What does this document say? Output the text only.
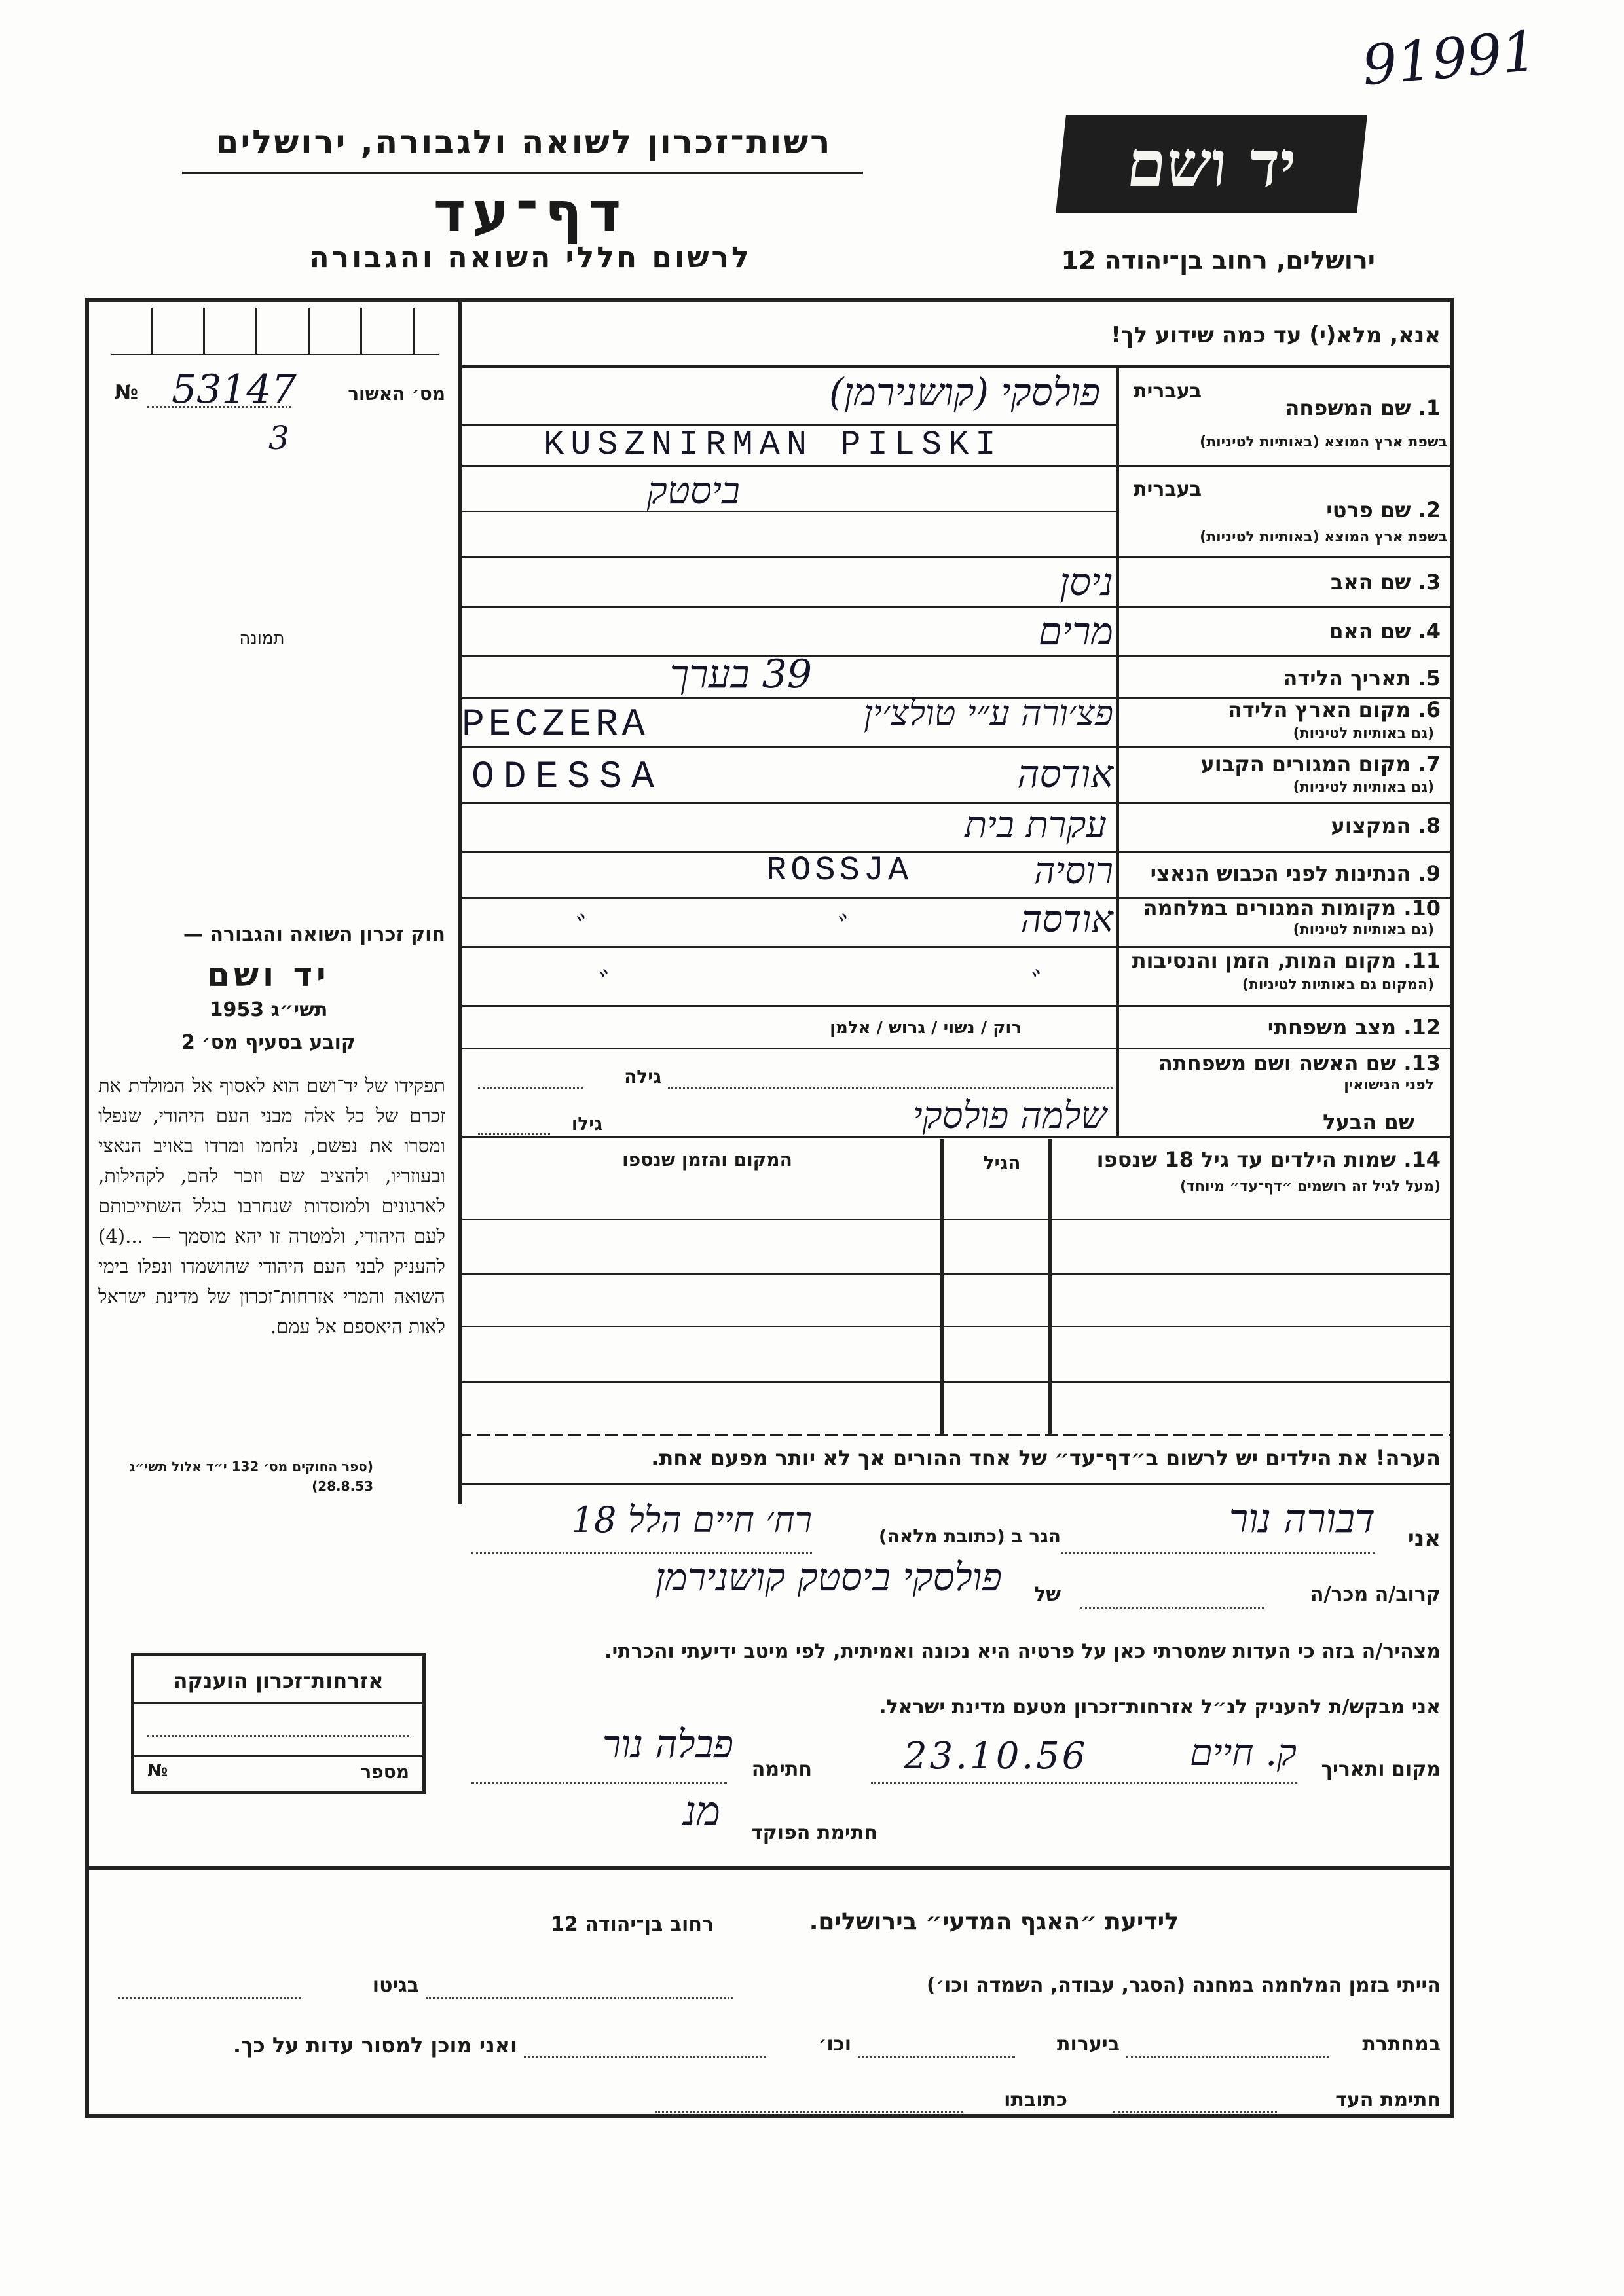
91991
רשות־זכרון לשואה ולגבורה, ירושלים
דף־עד
לרשום חללי השואה והגבורה
יד ושם
ירושלים, רחוב בן־יהודה 12
אנא, מלא(י) עד כמה שידוע לך!
מס׳ האשור
№ 53147
3
תמונה
1. שם המשפחה
בשפת ארץ המוצא (באותיות לטיניות)
בעברית
פולסקי (קושנירמן)
KUSZNIRMAN PILSKI
2. שם פרטי
בשפת ארץ המוצא (באותיות לטיניות)
בעברית
ביסטק
3. שם האב
ניסן
4. שם האם
מרים
5. תאריך הלידה
39 בערך
6. מקום הארץ הלידה
(גם באותיות לטיניות)
PECZERA	פצ׳ורה ע״י טולצ׳ין
7. מקום המגורים הקבוע
(גם באותיות לטיניות)
ODESSA	אודסה
8. המקצוע
עקרת בית
9. הנתינות לפני הכבוש הנאצי
ROSSJA	רוסיה
10. מקומות המגורים במלחמה
(גם באותיות לטיניות)
אודסה
ﾞ	ﾞ
11. מקום המות, הזמן והנסיבות
(המקום גם באותיות לטיניות)
ﾞ	ﾞ
12. מצב משפחתי
רוק / נשוי / גרוש / אלמן
13. שם האשה ושם משפחתה
לפני הנישואין
גילה
שם הבעל
גילו	שלמה פולסקי
14. שמות הילדים עד גיל 18 שנספו
(מעל לגיל זה רושמים ״דף־עד״ מיוחד)
הגיל
המקום והזמן שנספו
הערה! את הילדים יש לרשום ב״דף־עד״ של אחד ההורים אך לא יותר מפעם אחת.
חוק זכרון השואה והגבורה —
יד ושם
תשי״ג 1953
קובע בסעיף מס׳ 2
תפקידו של יד־ושם הוא לאסוף אל המולדת את זכרם של כל אלה מבני העם היהודי, שנפלו ומסרו את נפשם, נלחמו ומרדו באויב הנאצי ובעוזריו, ולהציב שם וזכר להם, לקהילות, לארגונים ולמוסדות שנחרבו בגלל השתייכותם לעם היהודי, ולמטרה זו יהא מוסמך — ...(4) להעניק לבני העם היהודי שהושמדו ונפלו בימי השואה והמרי אזרחות־זכרון של מדינת ישראל לאות היאספם אל עמם.
(ספר החוקים מס׳ 132 י״ד אלול תשי״ג 28.8.53)
אזרחות־זכרון הוענקה
מספר
№
אני
דבורה נור
הגר ב (כתובת מלאה)
רח׳ חיים הלל 18
קרוב/ה מכר/ה
של
פולסקי ביסטק קושנירמן
מצהיר/ה בזה כי העדות שמסרתי כאן על פרטיה היא נכונה ואמיתית, לפי מיטב ידיעתי והכרתי.
אני מבקש/ת להעניק לנ״ל אזרחות־זכרון מטעם מדינת ישראל.
מקום ותאריך
ק. חיים
23.10.56
חתימה
פבלה נור
חתימת הפוקד
מנ
לידיעת ״האגף המדעי״ בירושלים.
רחוב בן־יהודה 12
הייתי בזמן המלחמה במחנה (הסגר, עבודה, השמדה וכו׳)
בגיטו
במחתרת
ביערות
וכו׳
ואני מוכן למסור עדות על כך.
חתימת העד
כתובתו
